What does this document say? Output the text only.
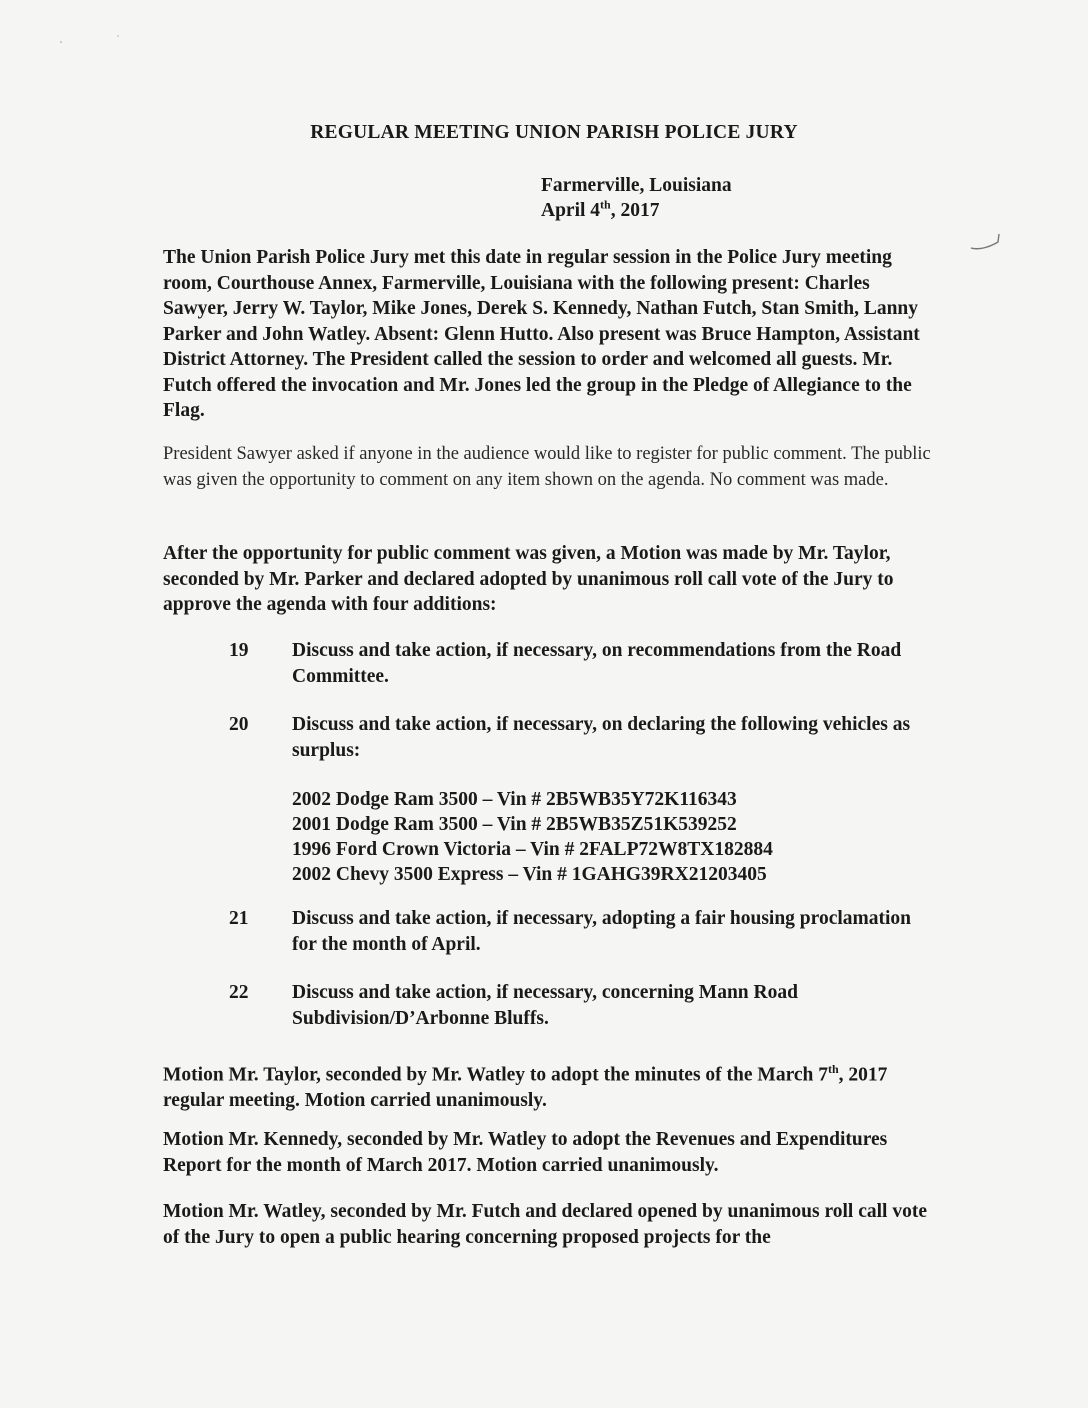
REGULAR MEETING UNION PARISH POLICE JURY
Farmerville, Louisiana
April 4th, 2017
The Union Parish Police Jury met this date in regular session in the Police Jury meeting room, Courthouse Annex, Farmerville, Louisiana with the following present: Charles Sawyer, Jerry W. Taylor, Mike Jones, Derek S. Kennedy, Nathan Futch, Stan Smith, Lanny Parker and John Watley. Absent: Glenn Hutto. Also present was Bruce Hampton, Assistant District Attorney. The President called the session to order and welcomed all guests. Mr. Futch offered the invocation and Mr. Jones led the group in the Pledge of Allegiance to the Flag.
President Sawyer asked if anyone in the audience would like to register for public comment. The public was given the opportunity to comment on any item shown on the agenda. No comment was made.
After the opportunity for public comment was given, a Motion was made by Mr. Taylor, seconded by Mr. Parker and declared adopted by unanimous roll call vote of the Jury to approve the agenda with four additions:
19	Discuss and take action, if necessary, on recommendations from the Road Committee.
20	Discuss and take action, if necessary, on declaring the following vehicles as surplus:
2002 Dodge Ram 3500 – Vin # 2B5WB35Y72K116343
2001 Dodge Ram 3500 – Vin # 2B5WB35Z51K539252
1996 Ford Crown Victoria – Vin # 2FALP72W8TX182884
2002 Chevy 3500 Express – Vin # 1GAHG39RX21203405
21	Discuss and take action, if necessary, adopting a fair housing proclamation for the month of April.
22	Discuss and take action, if necessary, concerning Mann Road Subdivision/D’Arbonne Bluffs.
Motion Mr. Taylor, seconded by Mr. Watley to adopt the minutes of the March 7th, 2017 regular meeting. Motion carried unanimously.
Motion Mr. Kennedy, seconded by Mr. Watley to adopt the Revenues and Expenditures Report for the month of March 2017. Motion carried unanimously.
Motion Mr. Watley, seconded by Mr. Futch and declared opened by unanimous roll call vote of the Jury to open a public hearing concerning proposed projects for the
